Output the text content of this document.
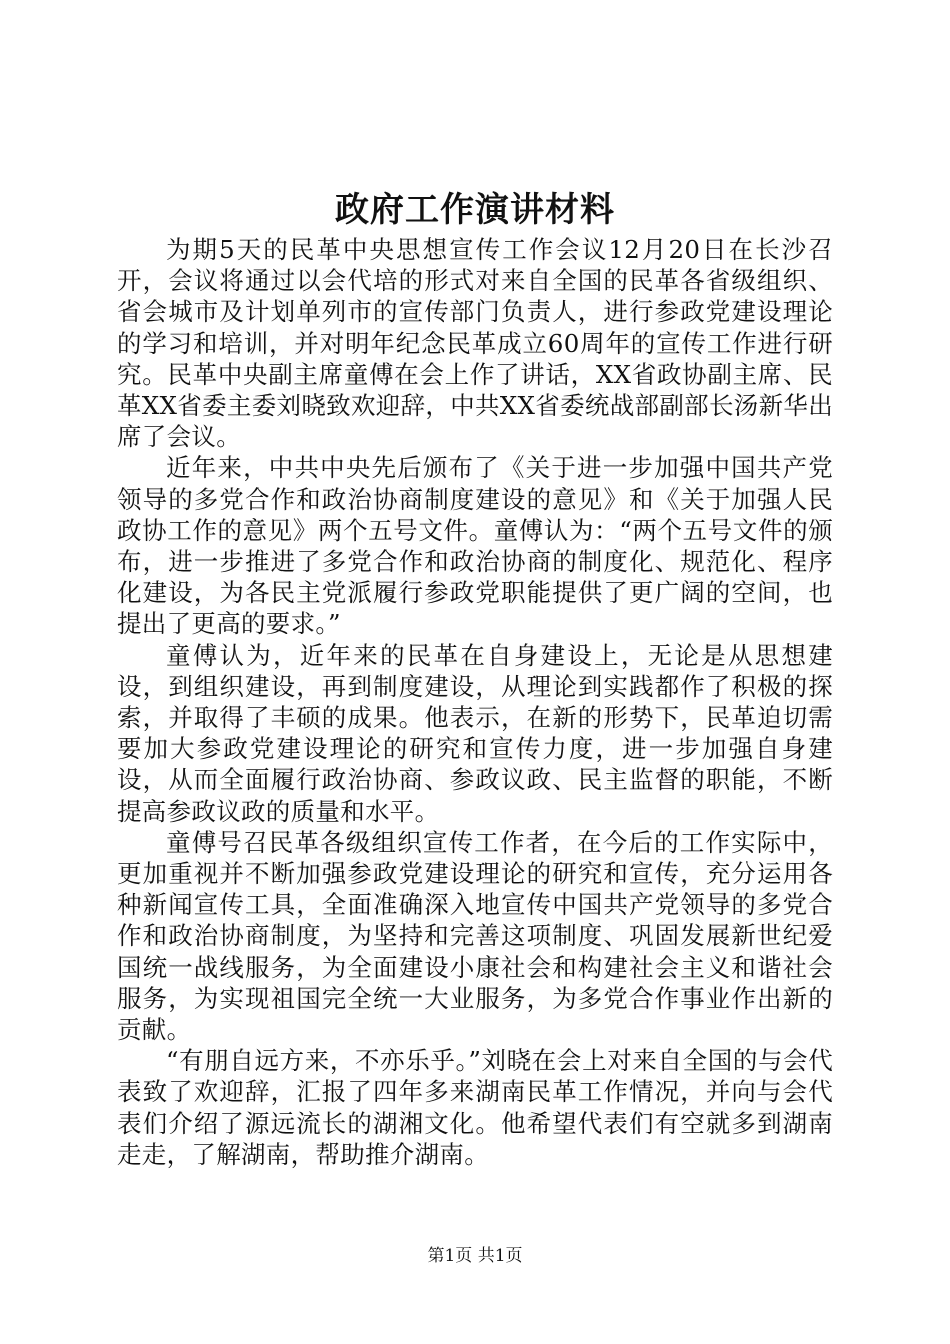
政府工作演讲材料

为期5天的民革中央思想宣传工作会议12月20日在长沙召开，会议将通过以会代培的形式对来自全国的民革各省级组织、省会城市及计划单列市的宣传部门负责人，进行参政党建设理论的学习和培训，并对明年纪念民革成立60周年的宣传工作进行研究。民革中央副主席童傅在会上作了讲话，XX省政协副主席、民革XX省委主委刘晓致欢迎辞，中共XX省委统战部副部长汤新华出席了会议。

近年来，中共中央先后颁布了《关于进一步加强中国共产党领导的多党合作和政治协商制度建设的意见》和《关于加强人民政协工作的意见》两个五号文件。童傅认为：“两个五号文件的颁布，进一步推进了多党合作和政治协商的制度化、规范化、程序化建设，为各民主党派履行参政党职能提供了更广阔的空间，也提出了更高的要求。”

童傅认为，近年来的民革在自身建设上，无论是从思想建设，到组织建设，再到制度建设，从理论到实践都作了积极的探索，并取得了丰硕的成果。他表示，在新的形势下，民革迫切需要加大参政党建设理论的研究和宣传力度，进一步加强自身建设，从而全面履行政治协商、参政议政、民主监督的职能，不断提高参政议政的质量和水平。

童傅号召民革各级组织宣传工作者，在今后的工作实际中，更加重视并不断加强参政党建设理论的研究和宣传，充分运用各种新闻宣传工具，全面准确深入地宣传中国共产党领导的多党合作和政治协商制度，为坚持和完善这项制度、巩固发展新世纪爱国统一战线服务，为全面建设小康社会和构建社会主义和谐社会服务，为实现祖国完全统一大业服务，为多党合作事业作出新的贡献。

“有朋自远方来，不亦乐乎。”刘晓在会上对来自全国的与会代表致了欢迎辞，汇报了四年多来湖南民革工作情况，并向与会代表们介绍了源远流长的湖湘文化。他希望代表们有空就多到湖南走走，了解湖南，帮助推介湖南。

第1页 共1页
